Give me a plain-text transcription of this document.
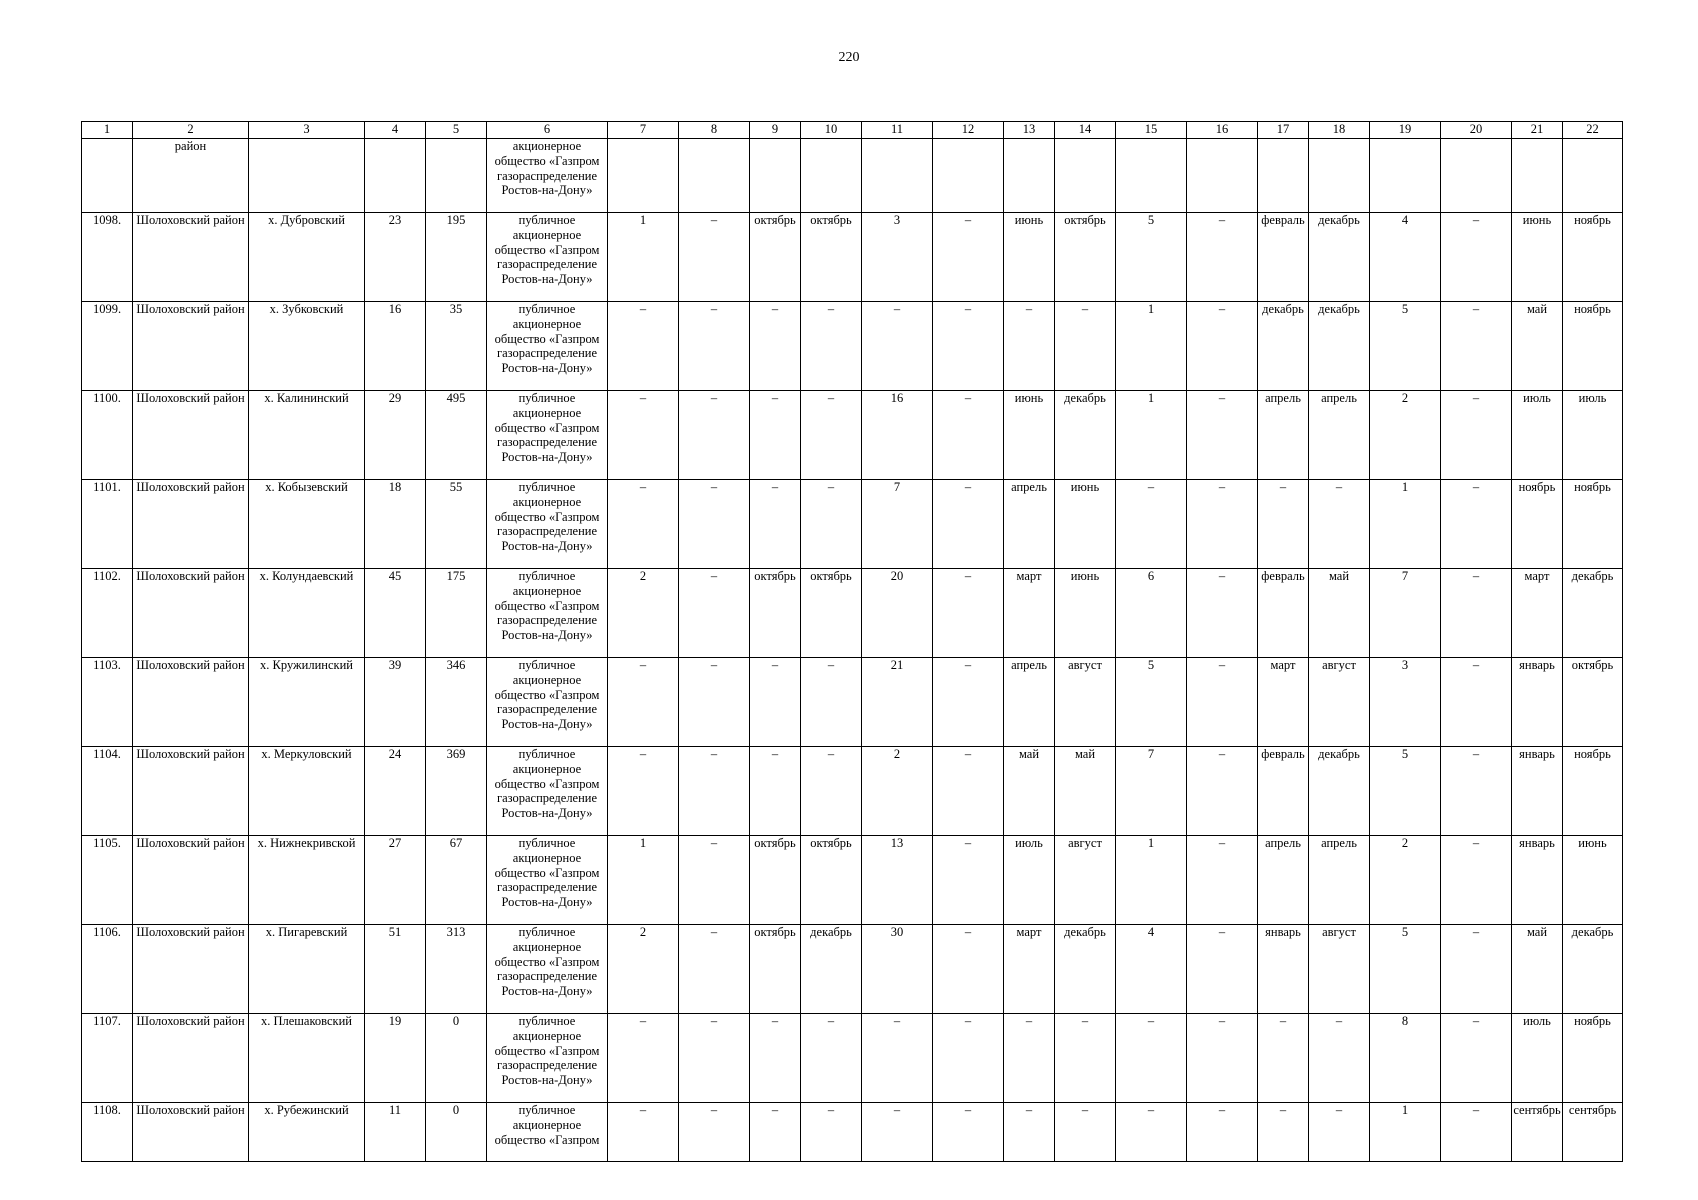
220
1	2	3	4	5	6	7	8	9	10	11	12	13	14	15	16	17	18	19	20	21	22
	район				акционерное общество «Газпром газораспределение Ростов-на-Дону»																
1098.	Шолоховский район	х. Дубровский	23	195	публичное акционерное общество «Газпром газораспределение Ростов-на-Дону»	1	–	октябрь	октябрь	3	–	июнь	октябрь	5	–	февраль	декабрь	4	–	июнь	ноябрь
1099.	Шолоховский район	х. Зубковский	16	35	публичное акционерное общество «Газпром газораспределение Ростов-на-Дону»	–	–	–	–	–	–	–	–	1	–	декабрь	декабрь	5	–	май	ноябрь
1100.	Шолоховский район	х. Калининский	29	495	публичное акционерное общество «Газпром газораспределение Ростов-на-Дону»	–	–	–	–	16	–	июнь	декабрь	1	–	апрель	апрель	2	–	июль	июль
1101.	Шолоховский район	х. Кобызевский	18	55	публичное акционерное общество «Газпром газораспределение Ростов-на-Дону»	–	–	–	–	7	–	апрель	июнь	–	–	–	–	1	–	ноябрь	ноябрь
1102.	Шолоховский район	х. Колундаевский	45	175	публичное акционерное общество «Газпром газораспределение Ростов-на-Дону»	2	–	октябрь	октябрь	20	–	март	июнь	6	–	февраль	май	7	–	март	декабрь
1103.	Шолоховский район	х. Кружилинский	39	346	публичное акционерное общество «Газпром газораспределение Ростов-на-Дону»	–	–	–	–	21	–	апрель	август	5	–	март	август	3	–	январь	октябрь
1104.	Шолоховский район	х. Меркуловский	24	369	публичное акционерное общество «Газпром газораспределение Ростов-на-Дону»	–	–	–	–	2	–	май	май	7	–	февраль	декабрь	5	–	январь	ноябрь
1105.	Шолоховский район	х. Нижнекривской	27	67	публичное акционерное общество «Газпром газораспределение Ростов-на-Дону»	1	–	октябрь	октябрь	13	–	июль	август	1	–	апрель	апрель	2	–	январь	июнь
1106.	Шолоховский район	х. Пигаревский	51	313	публичное акционерное общество «Газпром газораспределение Ростов-на-Дону»	2	–	октябрь	декабрь	30	–	март	декабрь	4	–	январь	август	5	–	май	декабрь
1107.	Шолоховский район	х. Плешаковский	19	0	публичное акционерное общество «Газпром газораспределение Ростов-на-Дону»	–	–	–	–	–	–	–	–	–	–	–	–	8	–	июль	ноябрь
1108.	Шолоховский район	х. Рубежинский	11	0	публичное акционерное общество «Газпром	–	–	–	–	–	–	–	–	–	–	–	–	1	–	сентябрь	сентябрь
